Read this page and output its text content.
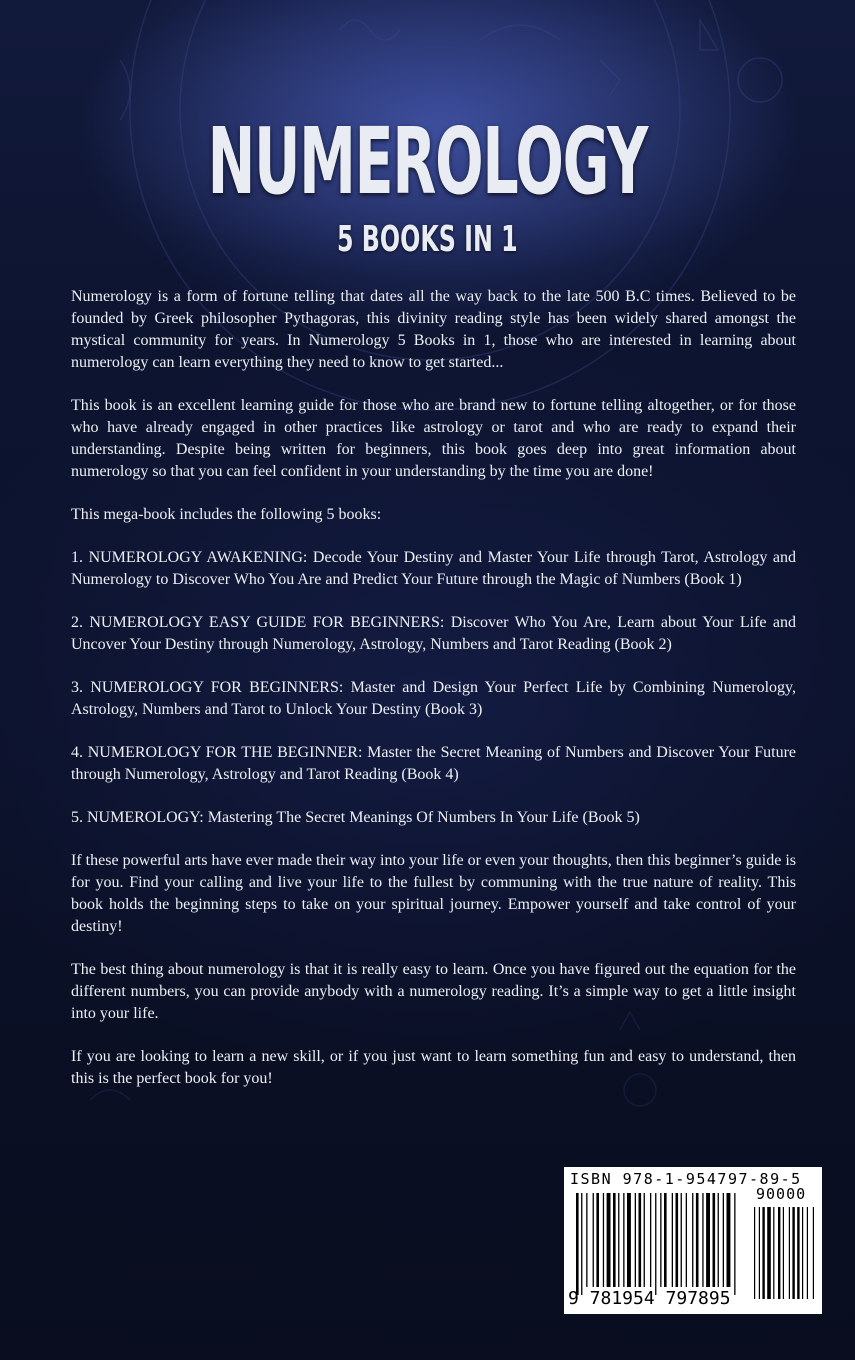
NUMEROLOGY
5 BOOKS IN 1

Numerology is a form of fortune telling that dates all the way back to the late 500 B.C times. Believed to be founded by Greek philosopher Pythagoras, this divinity reading style has been widely shared amongst the mystical community for years. In Numerology 5 Books in 1, those who are interested in learning about numerology can learn everything they need to know to get started...

This book is an excellent learning guide for those who are brand new to fortune telling altogether, or for those who have already engaged in other practices like astrology or tarot and who are ready to expand their understanding. Despite being written for beginners, this book goes deep into great information about numerology so that you can feel confident in your understanding by the time you are done!

This mega-book includes the following 5 books:

1. NUMEROLOGY AWAKENING: Decode Your Destiny and Master Your Life through Tarot, Astrology and Numerology to Discover Who You Are and Predict Your Future through the Magic of Numbers (Book 1)

2. NUMEROLOGY EASY GUIDE FOR BEGINNERS: Discover Who You Are, Learn about Your Life and Uncover Your Destiny through Numerology, Astrology, Numbers and Tarot Reading (Book 2)

3. NUMEROLOGY FOR BEGINNERS: Master and Design Your Perfect Life by Combining Numerology, Astrology, Numbers and Tarot to Unlock Your Destiny (Book 3)

4. NUMEROLOGY FOR THE BEGINNER: Master the Secret Meaning of Numbers and Discover Your Future through Numerology, Astrology and Tarot Reading (Book 4)

5. NUMEROLOGY: Mastering The Secret Meanings Of Numbers In Your Life (Book 5)

If these powerful arts have ever made their way into your life or even your thoughts, then this beginner’s guide is for you. Find your calling and live your life to the fullest by communing with the true nature of reality. This book holds the beginning steps to take on your spiritual journey. Empower yourself and take control of your destiny!

The best thing about numerology is that it is really easy to learn. Once you have figured out the equation for the different numbers, you can provide anybody with a numerology reading. It’s a simple way to get a little insight into your life.

If you are looking to learn a new skill, or if you just want to learn something fun and easy to understand, then this is the perfect book for you!

ISBN 978-1-954797-89-5
90000
9 781954 797895
